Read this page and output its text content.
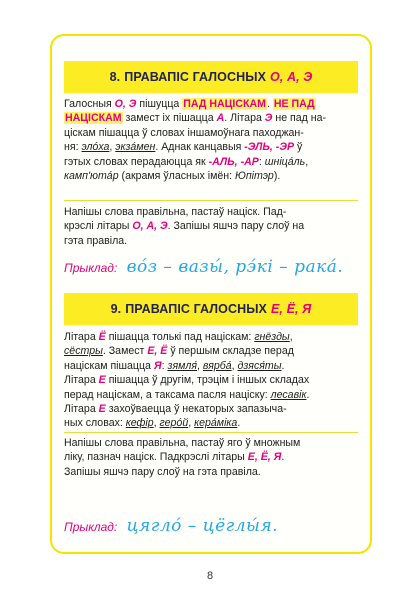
8. ПРАВАПІС ГАЛОСНЫХ О, А, Э
Галосныя О, Э пішуцца ПАД НАЦІСКАМ. НЕ ПАД
НАЦІСКАМ замест іх пішацца А. Літара Э не пад на-
ціскам пішацца ў словах іншамоўнага паходжан-
ня: элóха, экзáмен. Аднак канцавыя -ЭЛЬ, -ЭР ў
гэтых словах перадаюцца як -АЛЬ, -АР: шніцáль,
камп'ютáр (акрамя ўласных імён: Юпітэр).
Напішы слова правільна, пастаў націск. Пад-
крэслі літары О, А, Э. Запішы яшчэ пару слоў на
гэта правіла.
Прыклад: вóз – вазы́, рэ́кі – рака́.
9. ПРАВАПІС ГАЛОСНЫХ Е, Ё, Я
Літара Ё пішацца толькі пад націскам: гнёзды,
сёстры. Замест Е, Ё ў першым складзе перад
націскам пішацца Я: зямля́, вярба́, дзяся́ты.
Літара Е пішацца ў другім, трэцім і іншых складах
перад націскам, а таксама пасля націску: лесавік.
Літара Е захоўваецца ў некаторых запазыча-
ных словах: кефір, герóй, кера́міка.
Напішы слова правільна, пастаў яго ў множным
ліку, пазнач націск. Падкрэслі літары Е, Ё, Я.
Запішы яшчэ пару слоў на гэта правіла.
Прыклад: цягло́ – цёглы́я.
8
